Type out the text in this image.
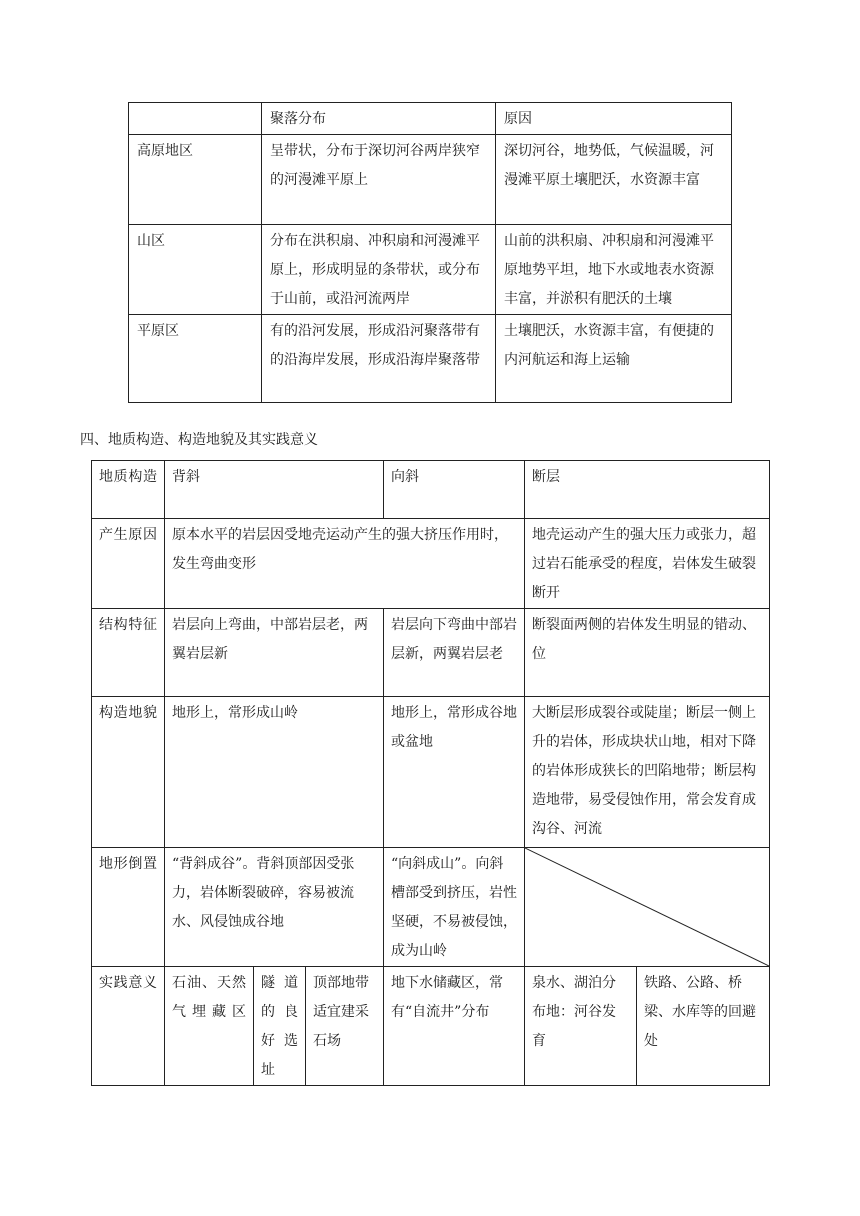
	聚落分布	原因
高原地区	呈带状，分布于深切河谷两岸狭窄的河漫滩平原上	深切河谷，地势低，气候温暖，河漫滩平原土壤肥沃，水资源丰富
山区	分布在洪积扇、冲积扇和河漫滩平原上，形成明显的条带状，或分布于山前，或沿河流两岸	山前的洪积扇、冲积扇和河漫滩平原地势平坦，地下水或地表水资源丰富，并淤积有肥沃的土壤
平原区	有的沿河发展，形成沿河聚落带有的沿海岸发展，形成沿海岸聚落带	土壤肥沃，水资源丰富，有便捷的内河航运和海上运输
四、地质构造、构造地貌及其实践意义
地质构造	背斜			向斜	断层	
产生原因	原本水平的岩层因受地壳运动产生的强大挤压作用时，发生弯曲变形				地壳运动产生的强大压力或张力，超过岩石能承受的程度，岩体发生破裂断开	
结构特征	岩层向上弯曲，中部岩层老，两翼岩层新			岩层向下弯曲中部岩层新，两翼岩层老	断裂面两侧的岩体发生明显的错动、位	
构造地貌	地形上，常形成山岭			地形上，常形成谷地或盆地	大断层形成裂谷或陡崖；断层一侧上升的岩体，形成块状山地，相对下降的岩体形成狭长的凹陷地带；断层构造地带，易受侵蚀作用，常会发育成沟谷、河流	
地形倒置	“背斜成谷”。背斜顶部因受张力，岩体断裂破碎，容易被流水、风侵蚀成谷地			“向斜成山”。向斜槽部受到挤压，岩性坚硬，不易被侵蚀，成为山岭	

实践意义	石油、天然气埋藏区	隧道的良好选址	顶部地带适宜建采石场	地下水储藏区，常有“自流井”分布	泉水、湖泊分布地：河谷发育	铁路、公路、桥梁、水库等的回避处
